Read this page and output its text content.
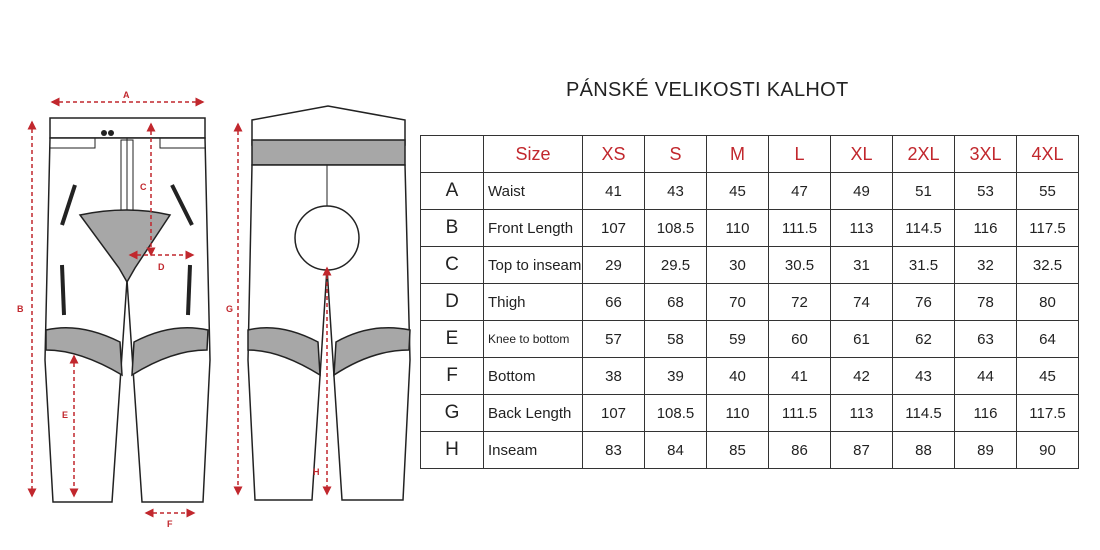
A
B
C
D
E
F
G
H
PÁNSKÉ VELIKOSTI KALHOT
	Size	XS	S	M	L	XL	2XL	3XL	4XL
A	Waist	41	43	45	47	49	51	53	55
B	Front Length	107	108.5	110	111.5	113	114.5	116	117.5
C	Top to inseam	29	29.5	30	30.5	31	31.5	32	32.5
D	Thigh	66	68	70	72	74	76	78	80
E	Knee to bottom	57	58	59	60	61	62	63	64
F	Bottom	38	39	40	41	42	43	44	45
G	Back Length	107	108.5	110	111.5	113	114.5	116	117.5
H	Inseam	83	84	85	86	87	88	89	90
